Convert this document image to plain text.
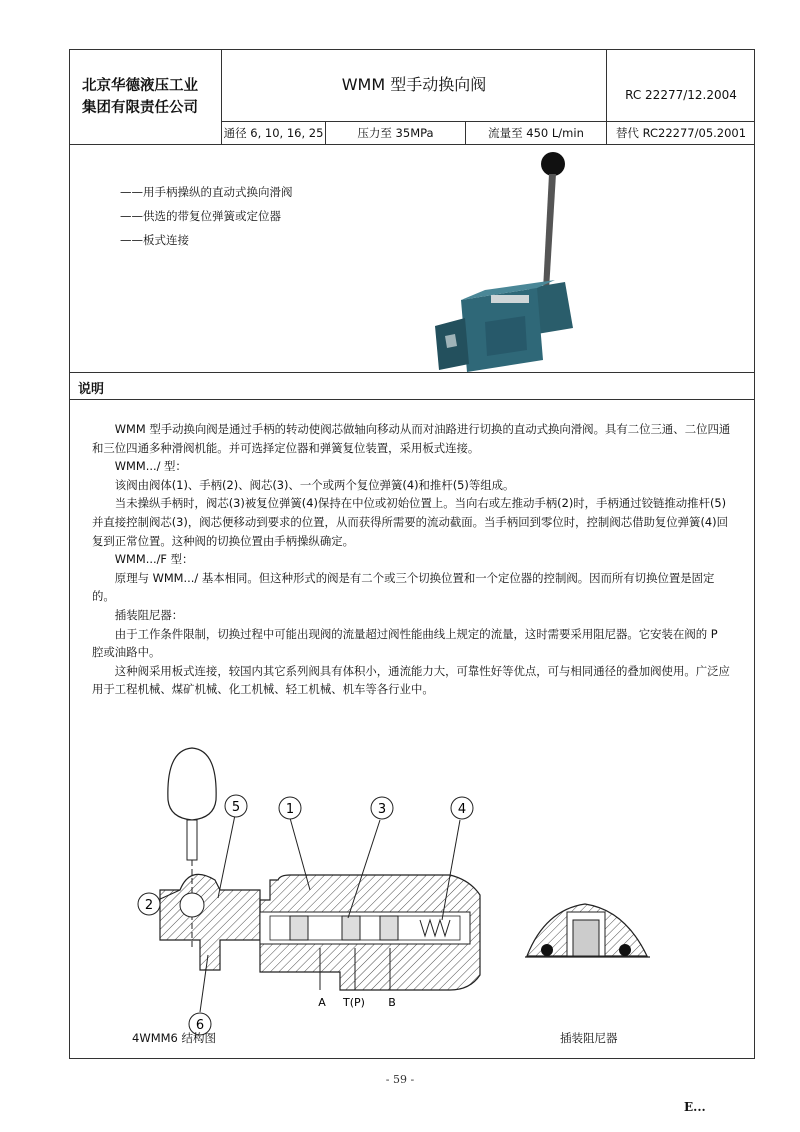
北京华德液压工业
集团有限责任公司
WMM 型手动换向阀
RC 22277/12.2004
通径 6, 10, 16, 25	压力至 35MPa	流量至 450 L/min	替代 RC22277/05.2001
——用手柄操纵的直动式换向滑阀
——供选的带复位弹簧或定位器
——板式连接
说明

WMM 型手动换向阀是通过手柄的转动使阀芯做轴向移动从而对油路进行切换的直动式换向滑阀。具有二位三通、二位四通和三位四通多种滑阀机能。并可选择定位器和弹簧复位装置，采用板式连接。

WMM.../ 型：

该阀由阀体(1)、手柄(2)、阀芯(3)、一个或两个复位弹簧(4)和推杆(5)等组成。

当未操纵手柄时，阀芯(3)被复位弹簧(4)保持在中位或初始位置上。当向右或左推动手柄(2)时，手柄通过铰链推动推杆(5)并直接控制阀芯(3)，阀芯便移动到要求的位置，从而获得所需要的流动截面。当手柄回到零位时，控制阀芯借助复位弹簧(4)回复到正常位置。这种阀的切换位置由手柄操纵确定。

WMM.../F 型：

原理与 WMM.../ 基本相同。但这种形式的阀是有二个或三个切换位置和一个定位器的控制阀。因而所有切换位置是固定的。

插装阻尼器：

由于工作条件限制，切换过程中可能出现阀的流量超过阀性能曲线上规定的流量，这时需要采用阻尼器。它安装在阀的 P 腔或油路中。

这种阀采用板式连接，较国内其它系列阀具有体积小，通流能力大，可靠性好等优点，可与相同通径的叠加阀使用。广泛应用于工程机械、煤矿机械、化工机械、轻工机械、机车等各行业中。

5	1	3	4
2
6
A T(P) B
4WMM6 结构图	插装阻尼器
- 59 -
E...
